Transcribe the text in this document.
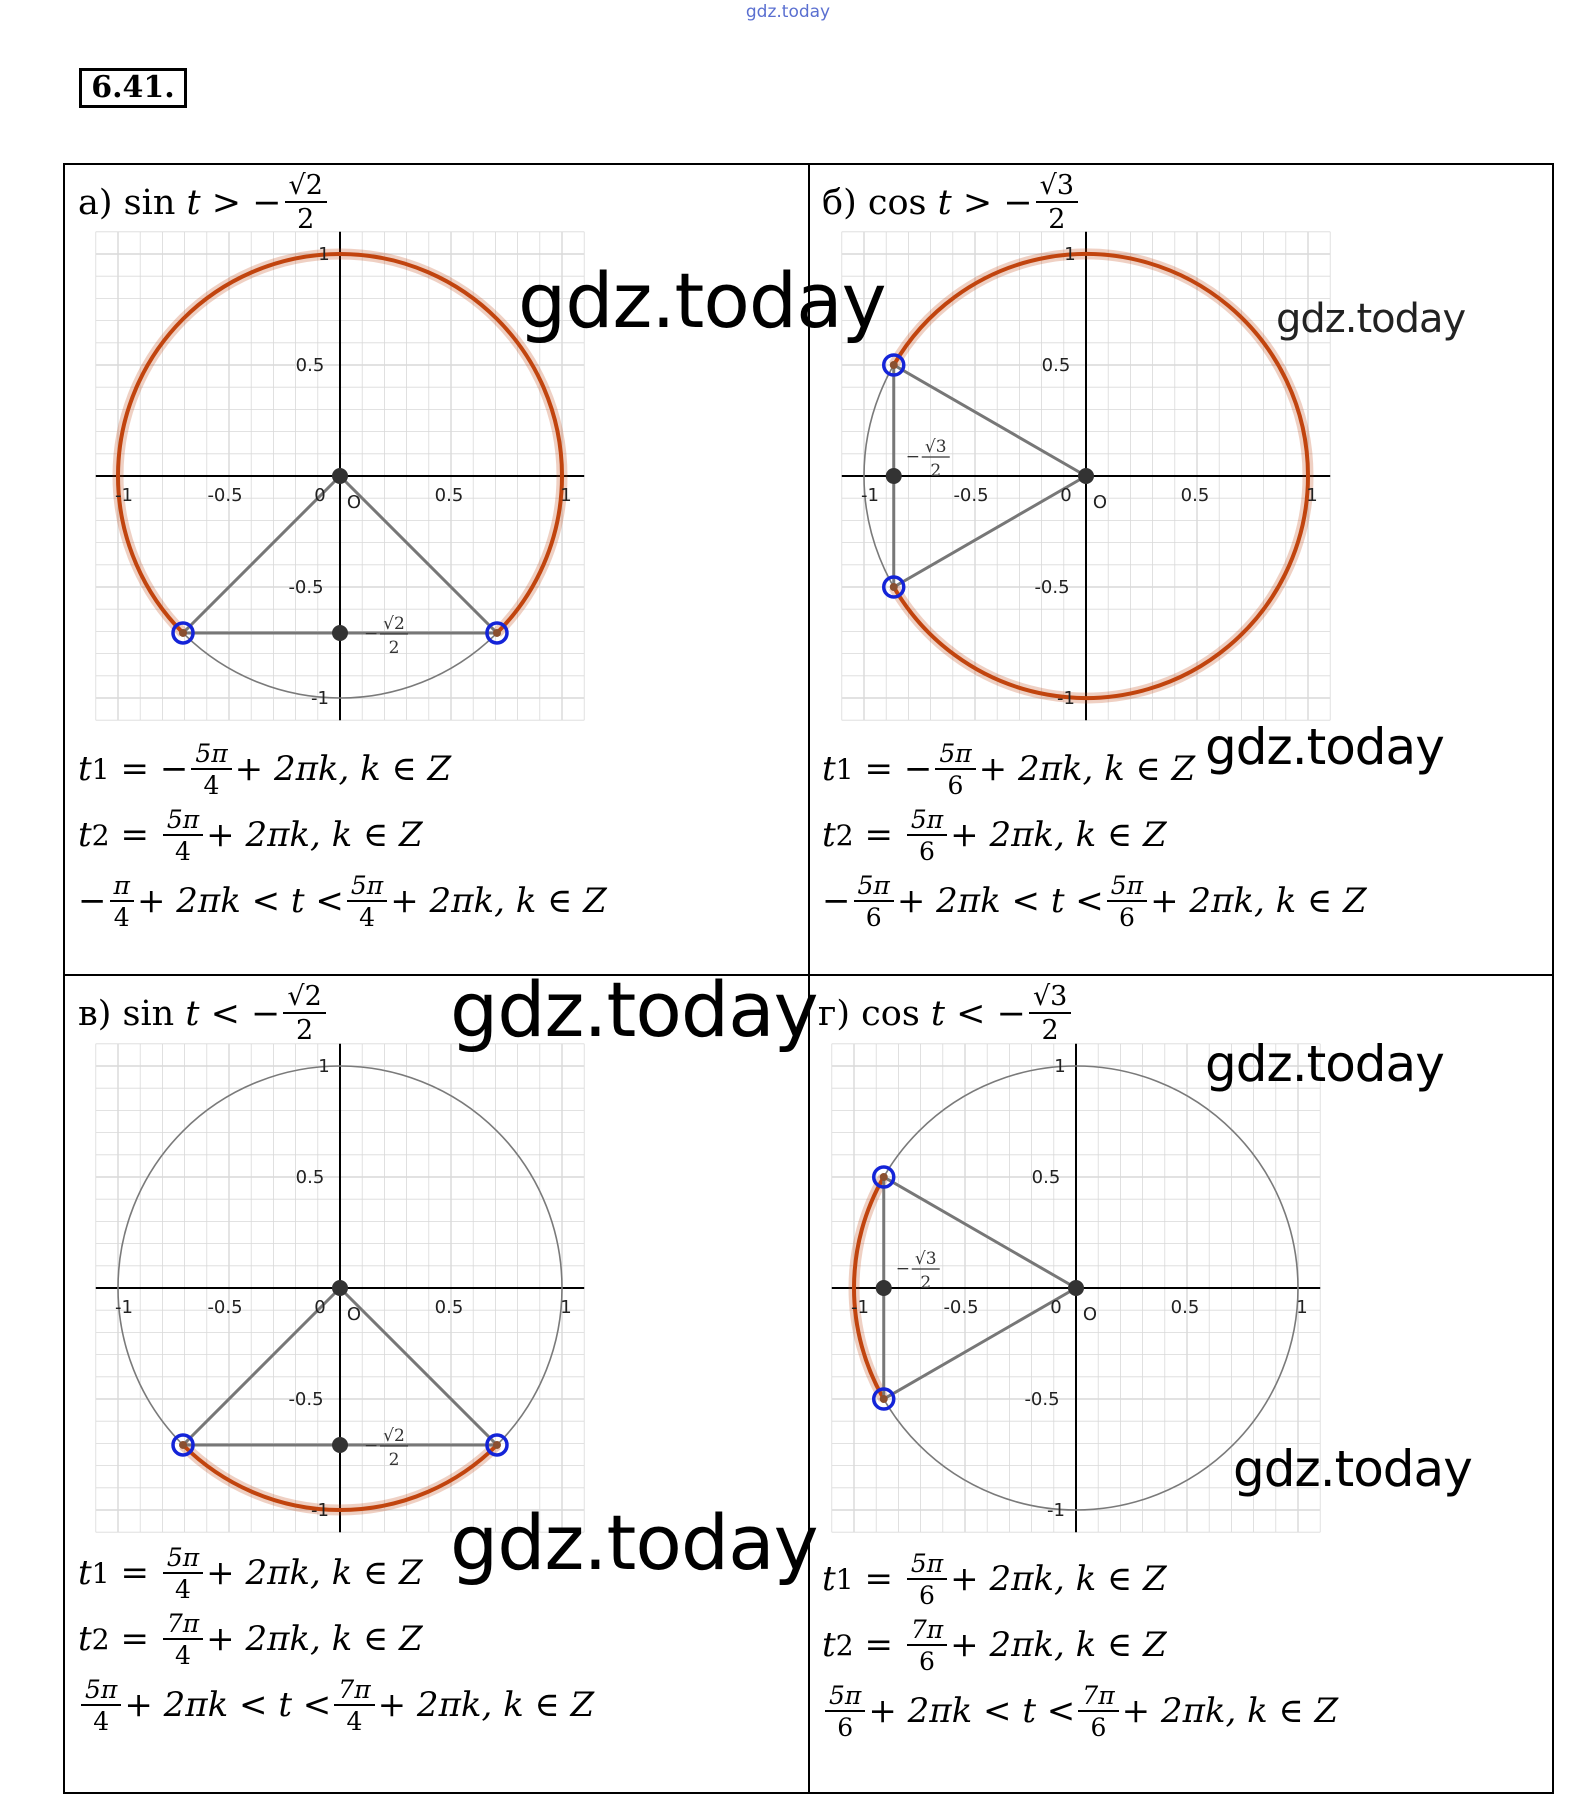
gdz.today
6.41.
а)
sin
t
>
− $\frac{√2}{2}$
-1	-0.5	0 O	0.5	1
1
0.5
-0.5
-1
− √2
2
t 1 = − $\frac{5\pi}{4} + 2\pi k$, k ∈ Z
t $2 = \frac{5\pi}{4} + 2\pi k$, k ∈ Z
− $\frac{\pi}{4} + 2\pi k < t < \frac{5\pi}{4} + 2\pi k$, k ∈ Z
б)
cos
t
>
− $\frac{√3}{2}$
-1	-0.5	0 O	0.5	1
1
0.5
-0.5
-1
− √3
2
t 1 = − $\frac{5\pi}{6} + 2\pi k$, k ∈ Z
t $2 = \frac{5\pi}{6} + 2\pi k$, k ∈ Z
− $\frac{5\pi}{6} + 2\pi k < t < \frac{5\pi}{6} + 2\pi k$, k ∈ Z
в)
sin
t
<
− $\frac{√2}{2}$
-1	-0.5	0 O	0.5	1
1
0.5
-0.5
-1
− √2
2
t $1 = \frac{5\pi}{4} + 2\pi k$, k ∈ Z
t $2 = \frac{7\pi}{4} + 2\pi k$, k ∈ Z
$\frac{5\pi}{4} + 2\pi k < t < \frac{7\pi}{4} + 2\pi k$, k ∈ Z
г)
cos
t
<
− $\frac{√3}{2}$
-1	-0.5	0 O	0.5	1
1
0.5
-0.5
-1
− √3
2
t $1 = \frac{5\pi}{6} + 2\pi k$, k ∈ Z
t $2 = \frac{7\pi}{6} + 2\pi k$, k ∈ Z
$\frac{5\pi}{6} + 2\pi k < t < \frac{7\pi}{6} + 2\pi k$, k ∈ Z
gdz.today	gdz.today
gdz.today
gdz.today
gdz.today
gdz.today
gdz.today
